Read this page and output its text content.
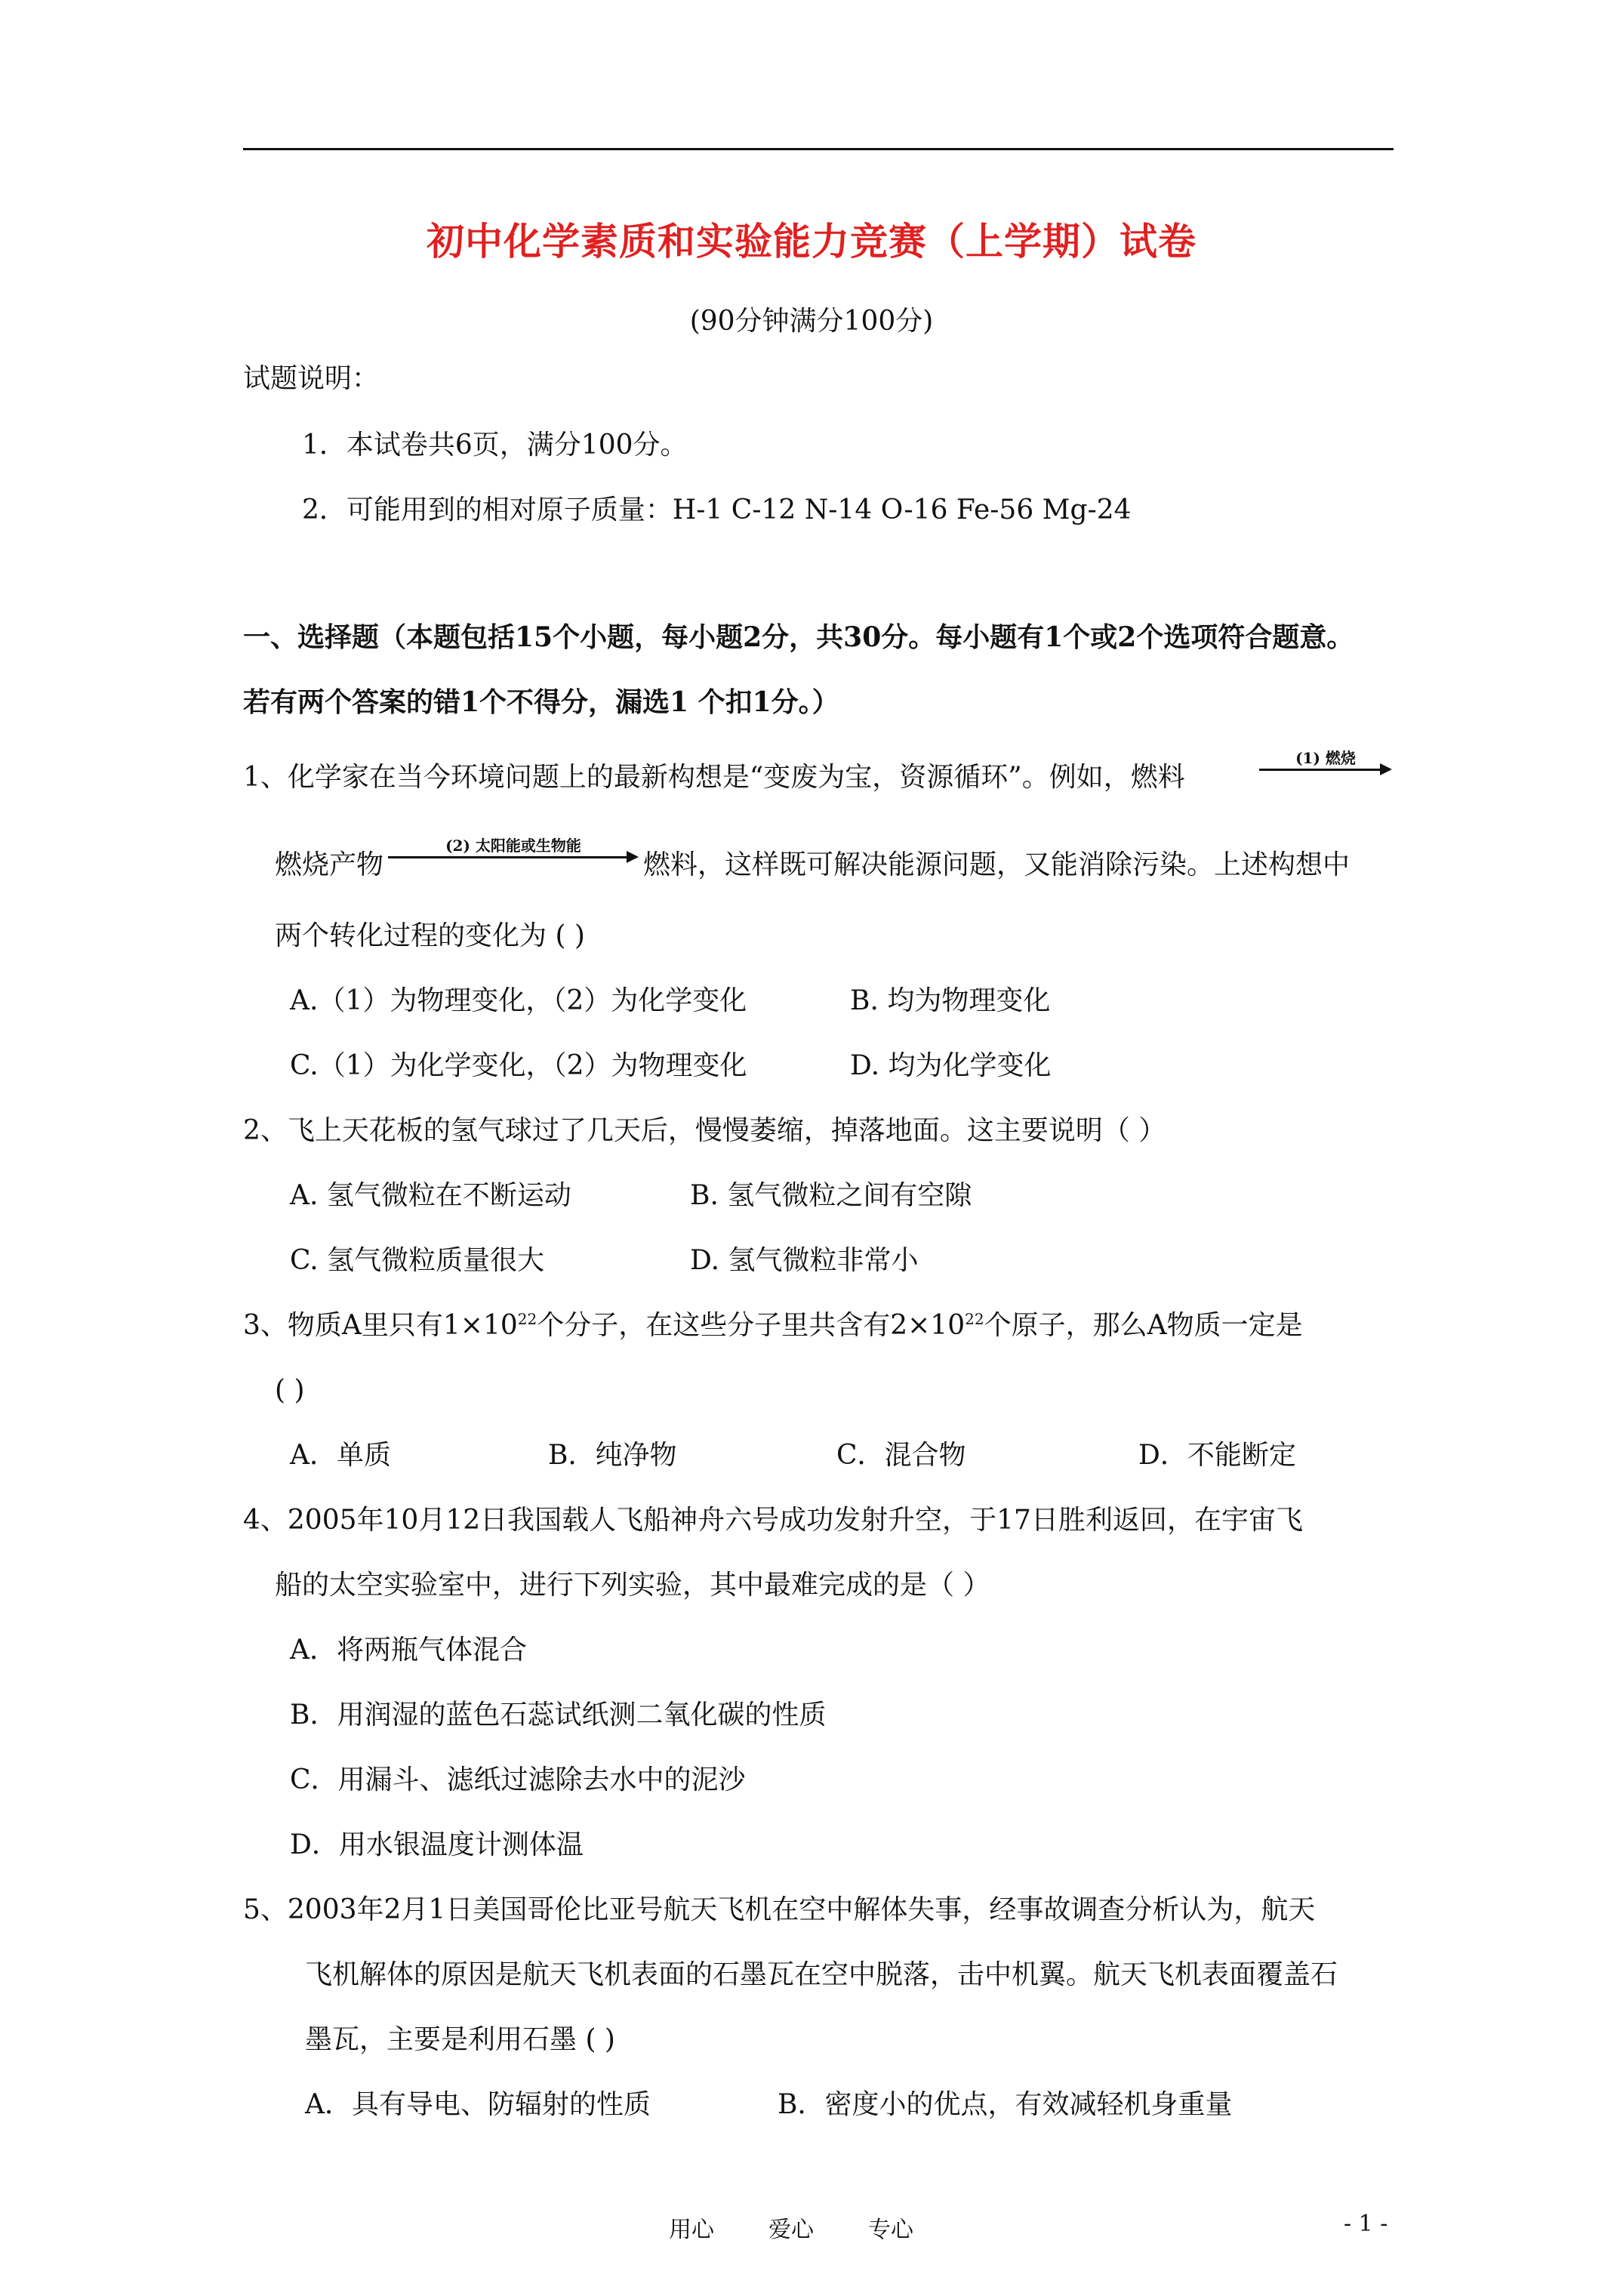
初中化学素质和实验能力竞赛（上学期）试卷
(90分钟满分100分)
试题说明：
1．本试卷共6页，满分100分。
2．可能用到的相对原子质量：H-1 C-12 N-14 O-16 Fe-56 Mg-24
一、选择题（本题包括15个小题，每小题2分，共30分。每小题有1个或2个选项符合题意。
若有两个答案的错1个不得分，漏选1 个扣1分。）
1、化学家在当今环境问题上的最新构想是“变废为宝，资源循环”。例如，燃料
(1) 燃烧
燃烧产物
(2) 太阳能或生物能
燃料，这样既可解决能源问题，又能消除污染。上述构想中
两个转化过程的变化为 ( )
A.（1）为物理变化，（2）为化学变化	B. 均为物理变化
C.（1）为化学变化，（2）为物理变化	D. 均为化学变化
2、飞上天花板的氢气球过了几天后，慢慢萎缩，掉落地面。这主要说明（ ）
A. 氢气微粒在不断运动	B. 氢气微粒之间有空隙
C. 氢气微粒质量很大	D. 氢气微粒非常小
3、物质A里只有$1\times 10^{22}$个分子，在这些分子里共含有$2\times 10^{22}$个原子，那么A物质一定是
( )
A．单质	B．纯净物	C．混合物	D．不能断定
4、2005年10月12日我国载人飞船神舟六号成功发射升空，于17日胜利返回，在宇宙飞
船的太空实验室中，进行下列实验，其中最难完成的是（ ）
A．将两瓶气体混合
B．用润湿的蓝色石蕊试纸测二氧化碳的性质
C．用漏斗、滤纸过滤除去水中的泥沙
D．用水银温度计测体温
5、2003年2月1日美国哥伦比亚号航天飞机在空中解体失事，经事故调查分析认为，航天
飞机解体的原因是航天飞机表面的石墨瓦在空中脱落，击中机翼。航天飞机表面覆盖石
墨瓦，主要是利用石墨 ( )
A．具有导电、防辐射的性质	B．密度小的优点，有效减轻机身重量
用心 爱心 专心	- 1 -
